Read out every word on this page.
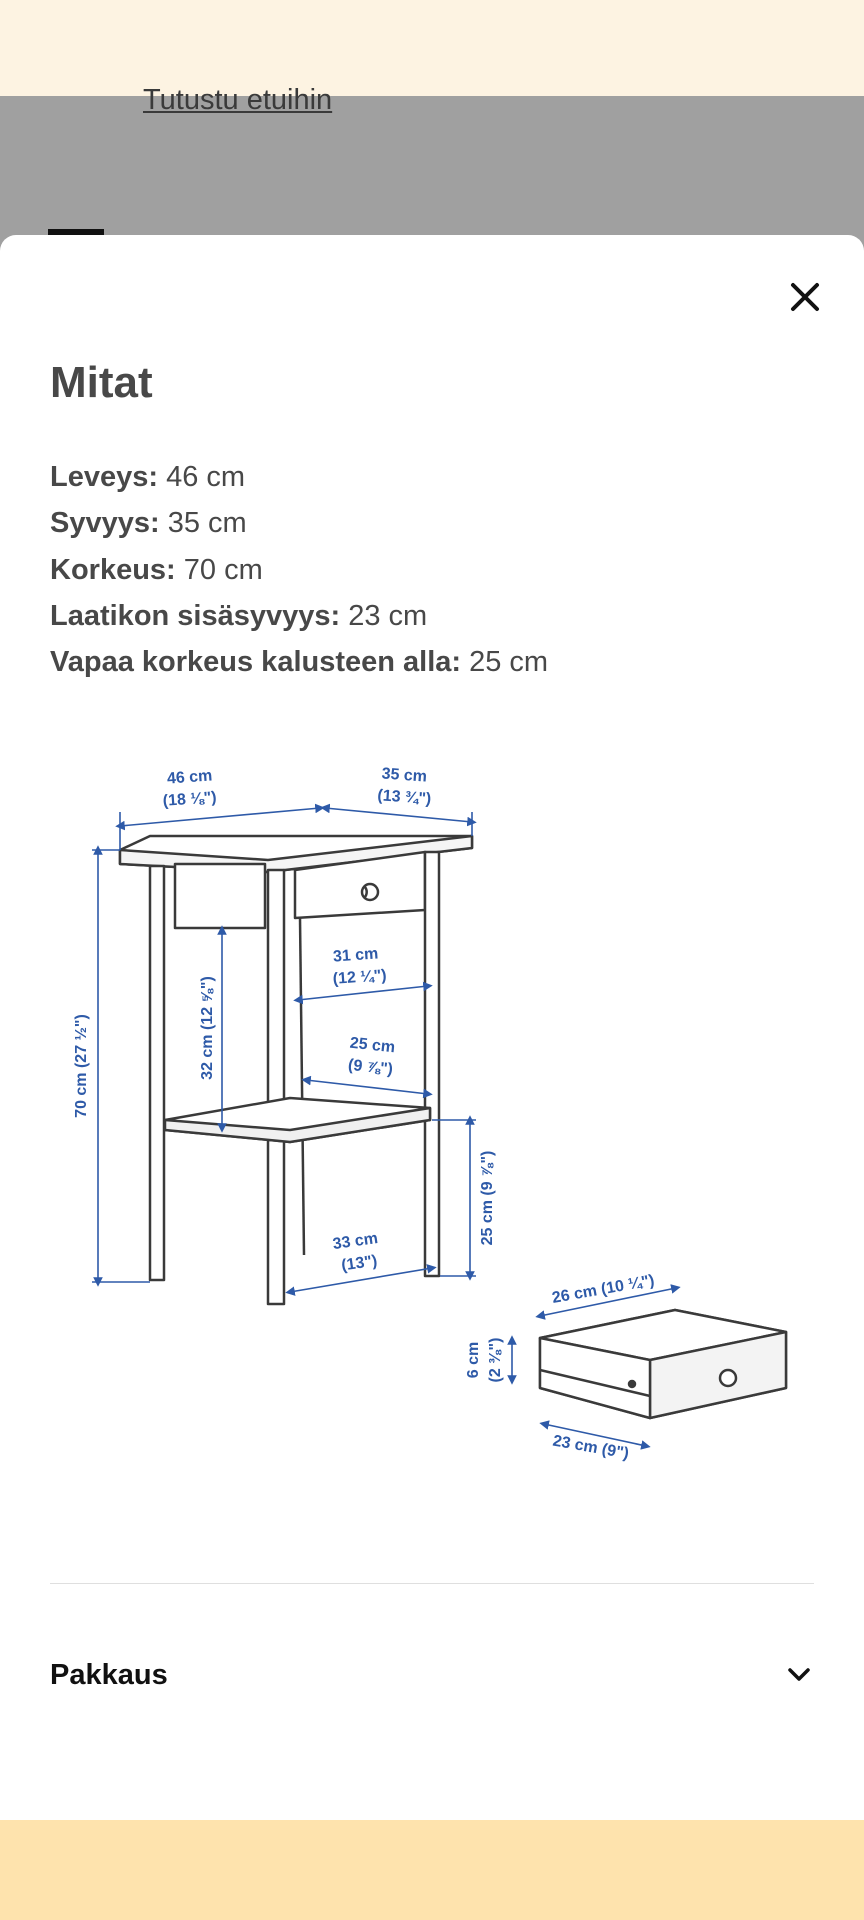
Tutustu etuihin
Mitat
Leveys: 46 cm
Syvyys: 35 cm
Korkeus: 70 cm
Laatikon sisäsyvyys: 23 cm
Vapaa korkeus kalusteen alla: 25 cm
46 cm
(18 ⅛")
35 cm
(13 ¾")
70 cm (27 ½")	32 cm (12 ⅝")
31 cm
(12 ¼")
25 cm
(9 ⅞")
25 cm (9 ⅞")
33 cm
(13")
26 cm (10 ¼")
6 cm (2 ⅜")
23 cm (9")
Pakkaus
